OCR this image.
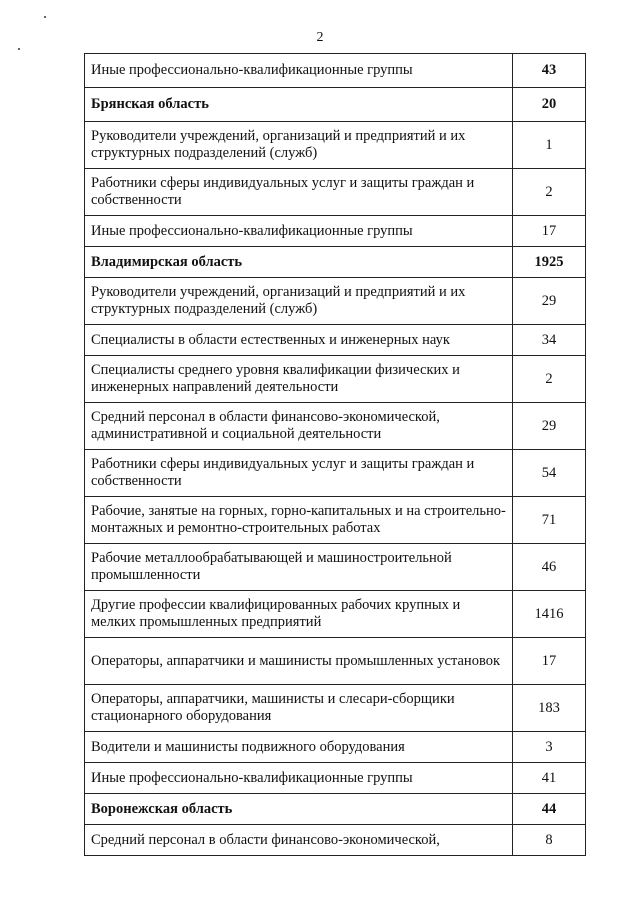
2
Иные профессионально-квалификационные группы	43
Брянская область	20
Руководители учреждений, организаций и предприятий и их структурных подразделений (служб)	1
Работники сферы индивидуальных услуг и защиты граждан и собственности	2
Иные профессионально-квалификационные группы	17
Владимирская область	1925
Руководители учреждений, организаций и предприятий и их структурных подразделений (служб)	29
Специалисты в области естественных и инженерных наук	34
Специалисты среднего уровня квалификации физических и инженерных направлений деятельности	2
Средний персонал в области финансово-экономической, административной и социальной деятельности	29
Работники сферы индивидуальных услуг и защиты граждан и собственности	54
Рабочие, занятые на горных, горно-капитальных и на строительно-монтажных и ремонтно-строительных работах	71
Рабочие металлообрабатывающей и машиностроительной промышленности	46
Другие профессии квалифицированных рабочих крупных и мелких промышленных предприятий	1416
Операторы, аппаратчики и машинисты промышленных установок	17
Операторы, аппаратчики, машинисты и слесари-сборщики стационарного оборудования	183
Водители и машинисты подвижного оборудования	3
Иные профессионально-квалификационные группы	41
Воронежская область	44
Средний персонал в области финансово-экономической,	8
